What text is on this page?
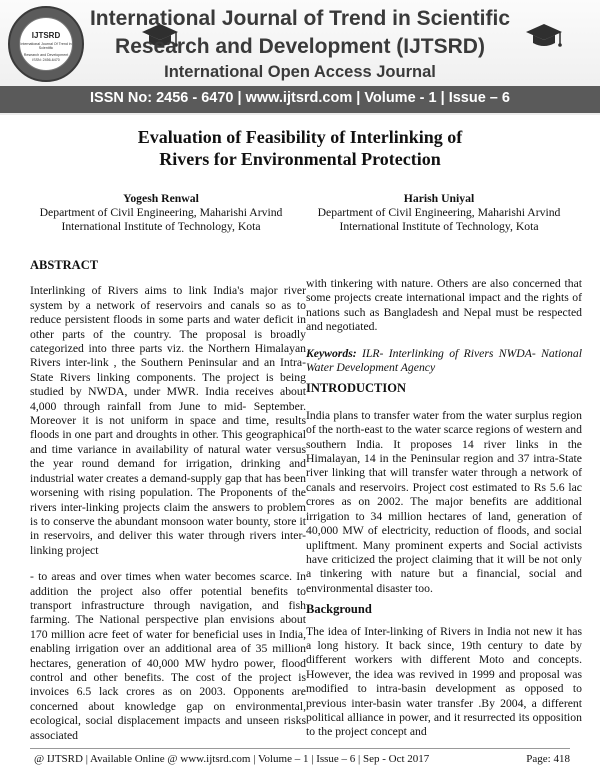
IJTSRD
International Journal Of Trend in Scientific
Research and Development
ISSN: 2456-6470
International Journal of Trend in Scientific
Research and Development (IJTSRD)
International Open Access Journal
ISSN No: 2456 - 6470 | www.ijtsrd.com | Volume - 1 | Issue – 6
Evaluation of Feasibility of Interlinking of
Rivers for Environmental Protection
Yogesh Renwal
Department of Civil Engineering, Maharishi Arvind
International Institute of Technology, Kota
Harish Uniyal
Department of Civil Engineering, Maharishi Arvind
International Institute of Technology, Kota

ABSTRACT

Interlinking of Rivers aims to link India's major river system by a network of reservoirs and canals so as to reduce persistent floods in some parts and water deficit in other parts of the country. The proposal is broadly categorized into three parts viz. the Northern Himalayan Rivers inter-link , the Southern Peninsular and an Intra-State Rivers linking components. The project is being studied by NWDA, under MWR. India receives about 4,000 through rainfall from June to mid- September. Moreover it is not uniform in space and time, results floods in one part and droughts in other. This geographical and time variance in availability of natural water versus the year round demand for irrigation, drinking and industrial water creates a demand-supply gap that has been worsening with rising population. The Proponents of the rivers inter-linking projects claim the answers to problem is to conserve the abundant monsoon water bounty, store it in reservoirs, and deliver this water through rivers inter-linking project

- to areas and over times when water becomes scarce. In addition the project also offer potential benefits to transport infrastructure through navigation, and fish farming. The National perspective plan envisions about 170 million acre feet of water for beneficial uses in India, enabling irrigation over an additional area of 35 million hectares, generation of 40,000 MW hydro power, flood control and other benefits. The cost of the project is invoices 6.5 lack crores as on 2003. Opponents are concerned about knowledge gap on environmental, ecological, social displacement impacts and unseen risks associated

with tinkering with nature. Others are also concerned that some projects create international impact and the rights of nations such as Bangladesh and Nepal must be respected and negotiated.

Keywords: ILR- Interlinking of Rivers NWDA- National Water Development Agency

INTRODUCTION

India plans to transfer water from the water surplus region of the north-east to the water scarce regions of western and southern India. It proposes 14 river links in the Himalayan, 14 in the Peninsular region and 37 intra-State river linking that will transfer water through a network of canals and reservoirs. Project cost estimated to Rs 5.6 lac crores as on 2002. The major benefits are additional irrigation to 34 million hectares of land, generation of 40,000 MW of electricity, reduction of floods, and social upliftment. Many prominent experts and Social activists have criticized the project claiming that it will be not only a tinkering with nature but a financial, social and environmental disaster too.

Background

The idea of Inter-linking of Rivers in India not new it has a long history. It back since, 19th century to date by different workers with different Moto and concepts. However, the idea was revived in 1999 and proposal was modified to intra-basin development as opposed to previous inter-basin water transfer .By 2004, a different political alliance in power, and it resurrected its opposition to the project concept and

@ IJTSRD | Available Online @ www.ijtsrd.com | Volume – 1 | Issue – 6 | Sep - Oct 2017	Page: 418
